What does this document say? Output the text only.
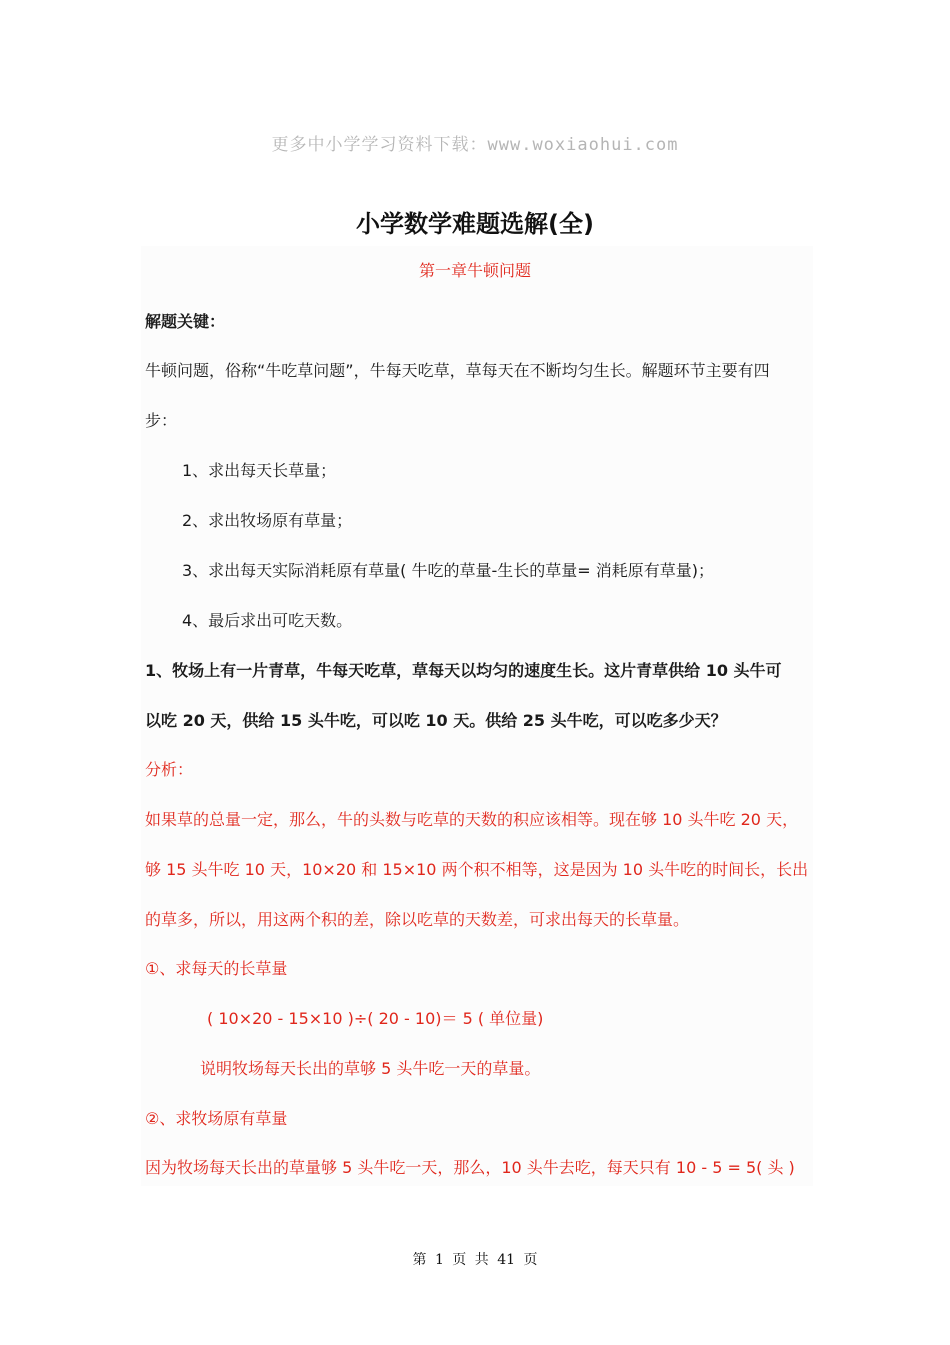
更多中小学学习资料下载：www.woxiaohui.com
小学数学难题选解(全)
第一章牛顿问题
解题关键：
牛顿问题，俗称“牛吃草问题”，牛每天吃草，草每天在不断均匀生长。解题环节主要有四
步：
1、求出每天长草量；
2、求出牧场原有草量；
3、求出每天实际消耗原有草量( 牛吃的草量-生长的草量= 消耗原有草量)；
4、最后求出可吃天数。
1、牧场上有一片青草，牛每天吃草，草每天以均匀的速度生长。这片青草供给 10 头牛可
以吃 20 天，供给 15 头牛吃，可以吃 10 天。供给 25 头牛吃，可以吃多少天？
分析：
如果草的总量一定，那么，牛的头数与吃草的天数的积应该相等。现在够 10 头牛吃 20 天，
够 15 头牛吃 10 天，10×20 和 15×10 两个积不相等，这是因为 10 头牛吃的时间长，长出
的草多，所以，用这两个积的差，除以吃草的天数差，可求出每天的长草量。
①、求每天的长草量
( 10×20 - 15×10 )÷( 20 - 10)＝ 5 ( 单位量)
说明牧场每天长出的草够 5 头牛吃一天的草量。
②、求牧场原有草量
因为牧场每天长出的草量够 5 头牛吃一天，那么，10 头牛去吃，每天只有 10 - 5 = 5( 头 )
第 1 页 共 41 页
